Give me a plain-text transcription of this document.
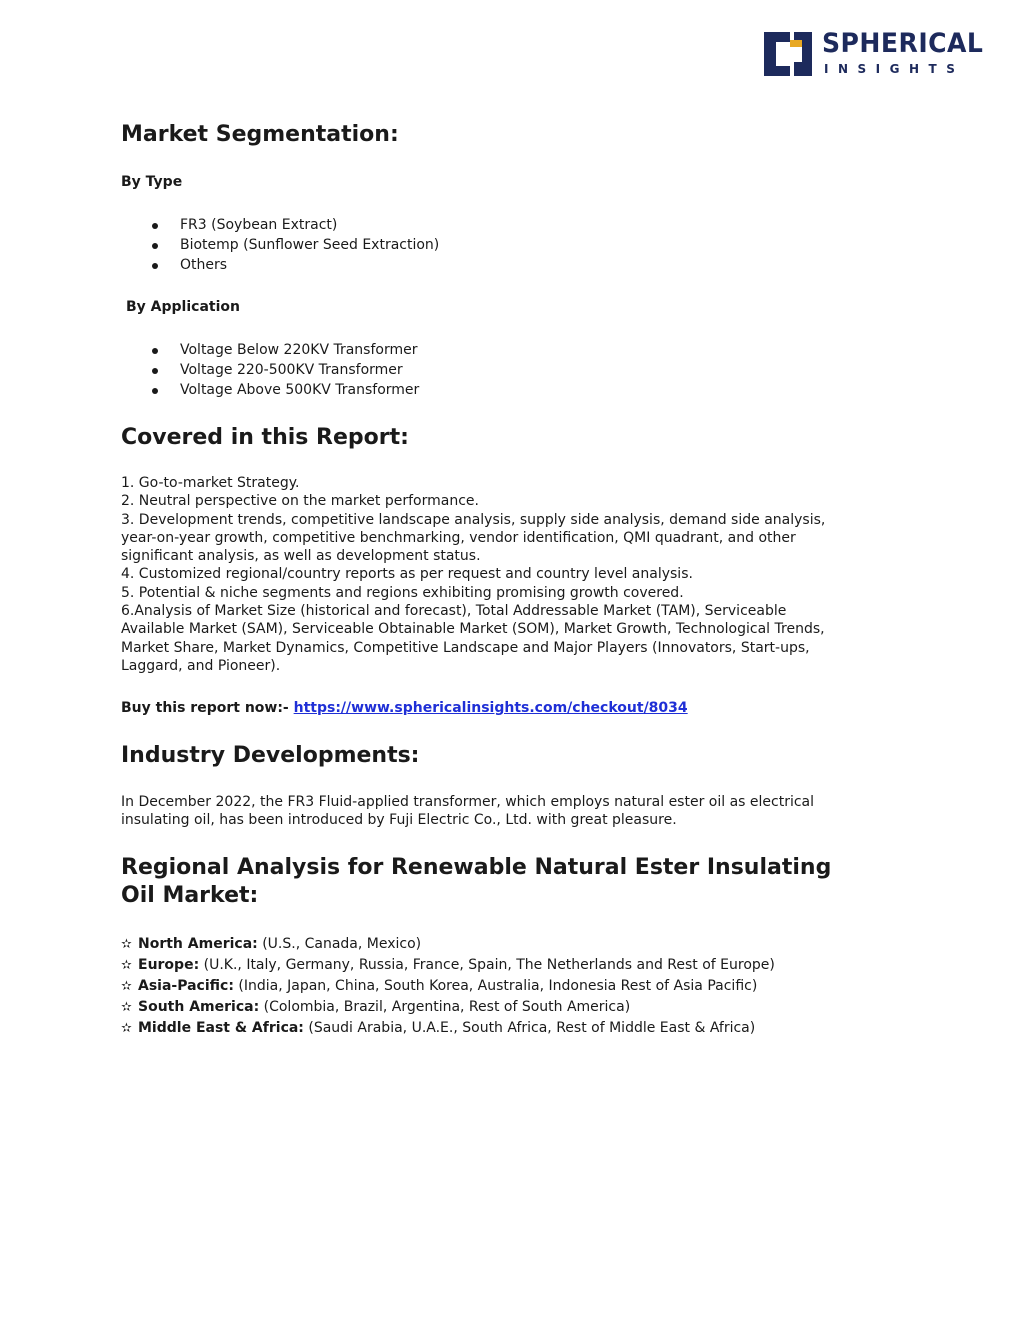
SPHERICAL
INSIGHTS
Market Segmentation:
By Type
FR3 (Soybean Extract)
Biotemp (Sunflower Seed Extraction)
Others
By Application
Voltage Below 220KV Transformer
Voltage 220-500KV Transformer
Voltage Above 500KV Transformer
Covered in this Report:
1. Go-to-market Strategy.
2. Neutral perspective on the market performance.
3. Development trends, competitive landscape analysis, supply side analysis, demand side analysis,
year-on-year growth, competitive benchmarking, vendor identification, QMI quadrant, and other
significant analysis, as well as development status.
4. Customized regional/country reports as per request and country level analysis.
5. Potential & niche segments and regions exhibiting promising growth covered.
6.Analysis of Market Size (historical and forecast), Total Addressable Market (TAM), Serviceable
Available Market (SAM), Serviceable Obtainable Market (SOM), Market Growth, Technological Trends,
Market Share, Market Dynamics, Competitive Landscape and Major Players (Innovators, Start-ups,
Laggard, and Pioneer).
Buy this report now:- https://www.sphericalinsights.com/checkout/8034
Industry Developments:
In December 2022, the FR3 Fluid-applied transformer, which employs natural ester oil as electrical
insulating oil, has been introduced by Fuji Electric Co., Ltd. with great pleasure.
Regional Analysis for Renewable Natural Ester Insulating
Oil Market:
✫ North America: (U.S., Canada, Mexico)
✫ Europe: (U.K., Italy, Germany, Russia, France, Spain, The Netherlands and Rest of Europe)
✫ Asia-Pacific: (India, Japan, China, South Korea, Australia, Indonesia Rest of Asia Pacific)
✫ South America: (Colombia, Brazil, Argentina, Rest of South America)
✫ Middle East & Africa: (Saudi Arabia, U.A.E., South Africa, Rest of Middle East & Africa)
